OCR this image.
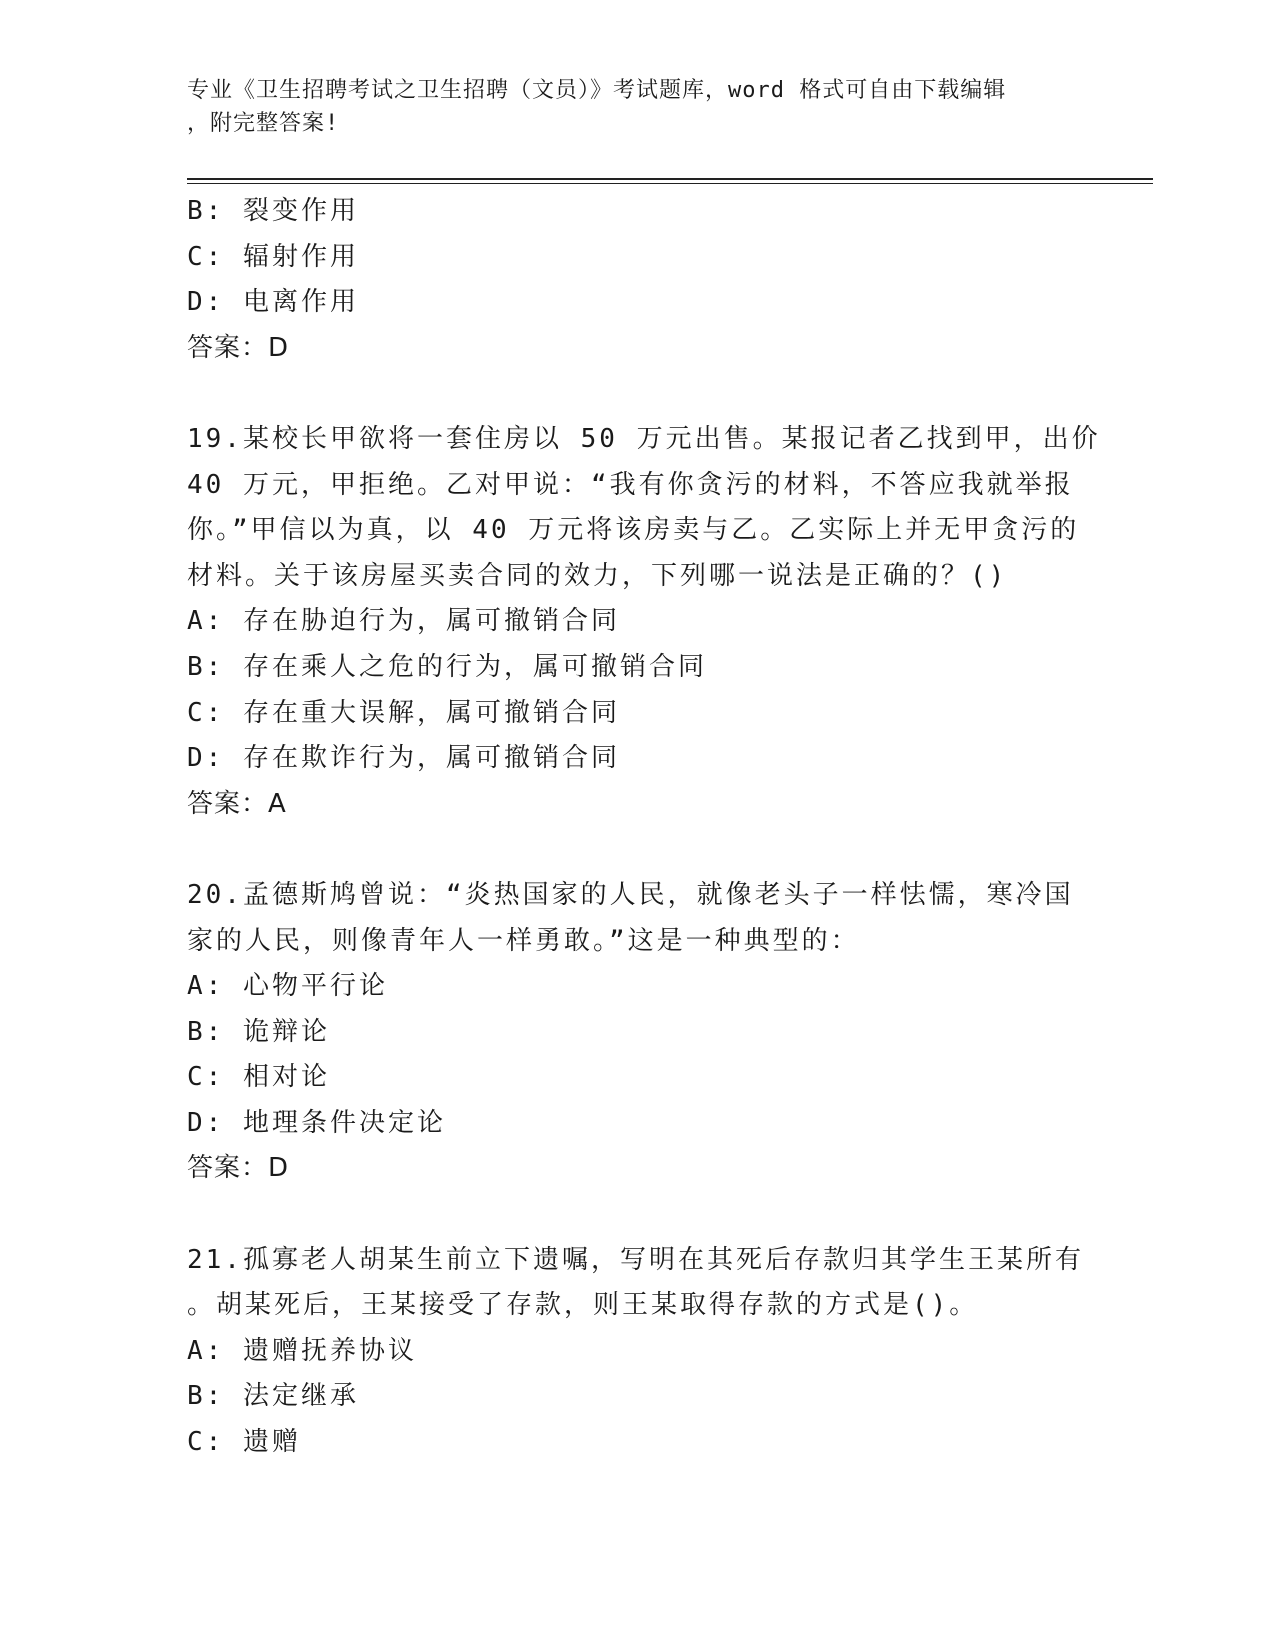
专业《卫生招聘考试之卫生招聘（文员）》考试题库，word 格式可自由下载编辑
，附完整答案!
B: 裂变作用
C: 辐射作用
D: 电离作用
答案：D
19.某校长甲欲将一套住房以 50 万元出售。某报记者乙找到甲，出价
40 万元，甲拒绝。乙对甲说：“我有你贪污的材料，不答应我就举报
你。”甲信以为真，以 40 万元将该房卖与乙。乙实际上并无甲贪污的
材料。关于该房屋买卖合同的效力，下列哪一说法是正确的？()
A: 存在胁迫行为，属可撤销合同
B: 存在乘人之危的行为，属可撤销合同
C: 存在重大误解，属可撤销合同
D: 存在欺诈行为，属可撤销合同
答案：A
20.孟德斯鸠曾说：“炎热国家的人民，就像老头子一样怯懦，寒冷国
家的人民，则像青年人一样勇敢。”这是一种典型的：
A: 心物平行论
B: 诡辩论
C: 相对论
D: 地理条件决定论
答案：D
21.孤寡老人胡某生前立下遗嘱，写明在其死后存款归其学生王某所有
。胡某死后，王某接受了存款，则王某取得存款的方式是()。
A: 遗赠抚养协议
B: 法定继承
C: 遗赠
